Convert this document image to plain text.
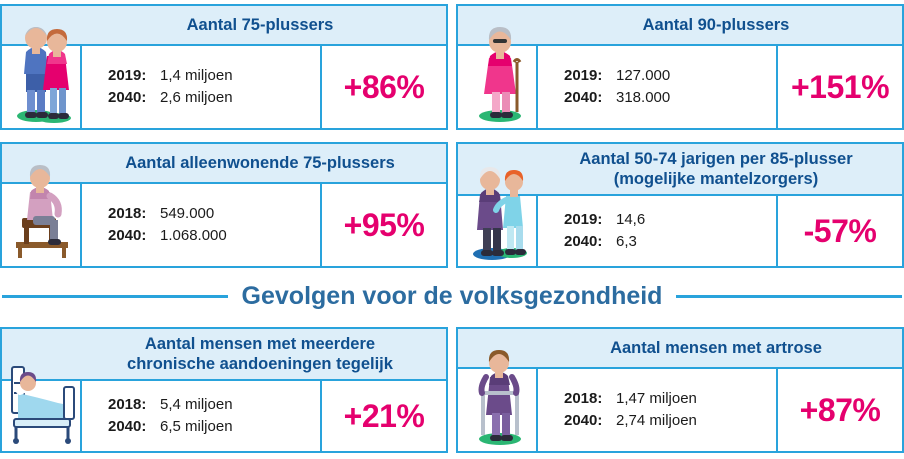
Aantal 75-plussers
2019: 1,4 miljoen
2040: 2,6 miljoen	+86%
Aantal 90-plussers
2019: 127.000
2040: 318.000	+151%
Aantal alleenwonende 75-plussers
2018: 549.000
2040: 1.068.000	+95%
Aantal 50-74 jarigen per 85-plusser
(mogelijke mantelzorgers)
2019: 14,6
2040: 6,3	-57%
Gevolgen voor de volksgezondheid
Aantal mensen met meerdere
chronische aandoeningen tegelijk
2018: 5,4 miljoen
2040: 6,5 miljoen	+21%
Aantal mensen met artrose
2018: 1,47 miljoen
2040: 2,74 miljoen	+87%
